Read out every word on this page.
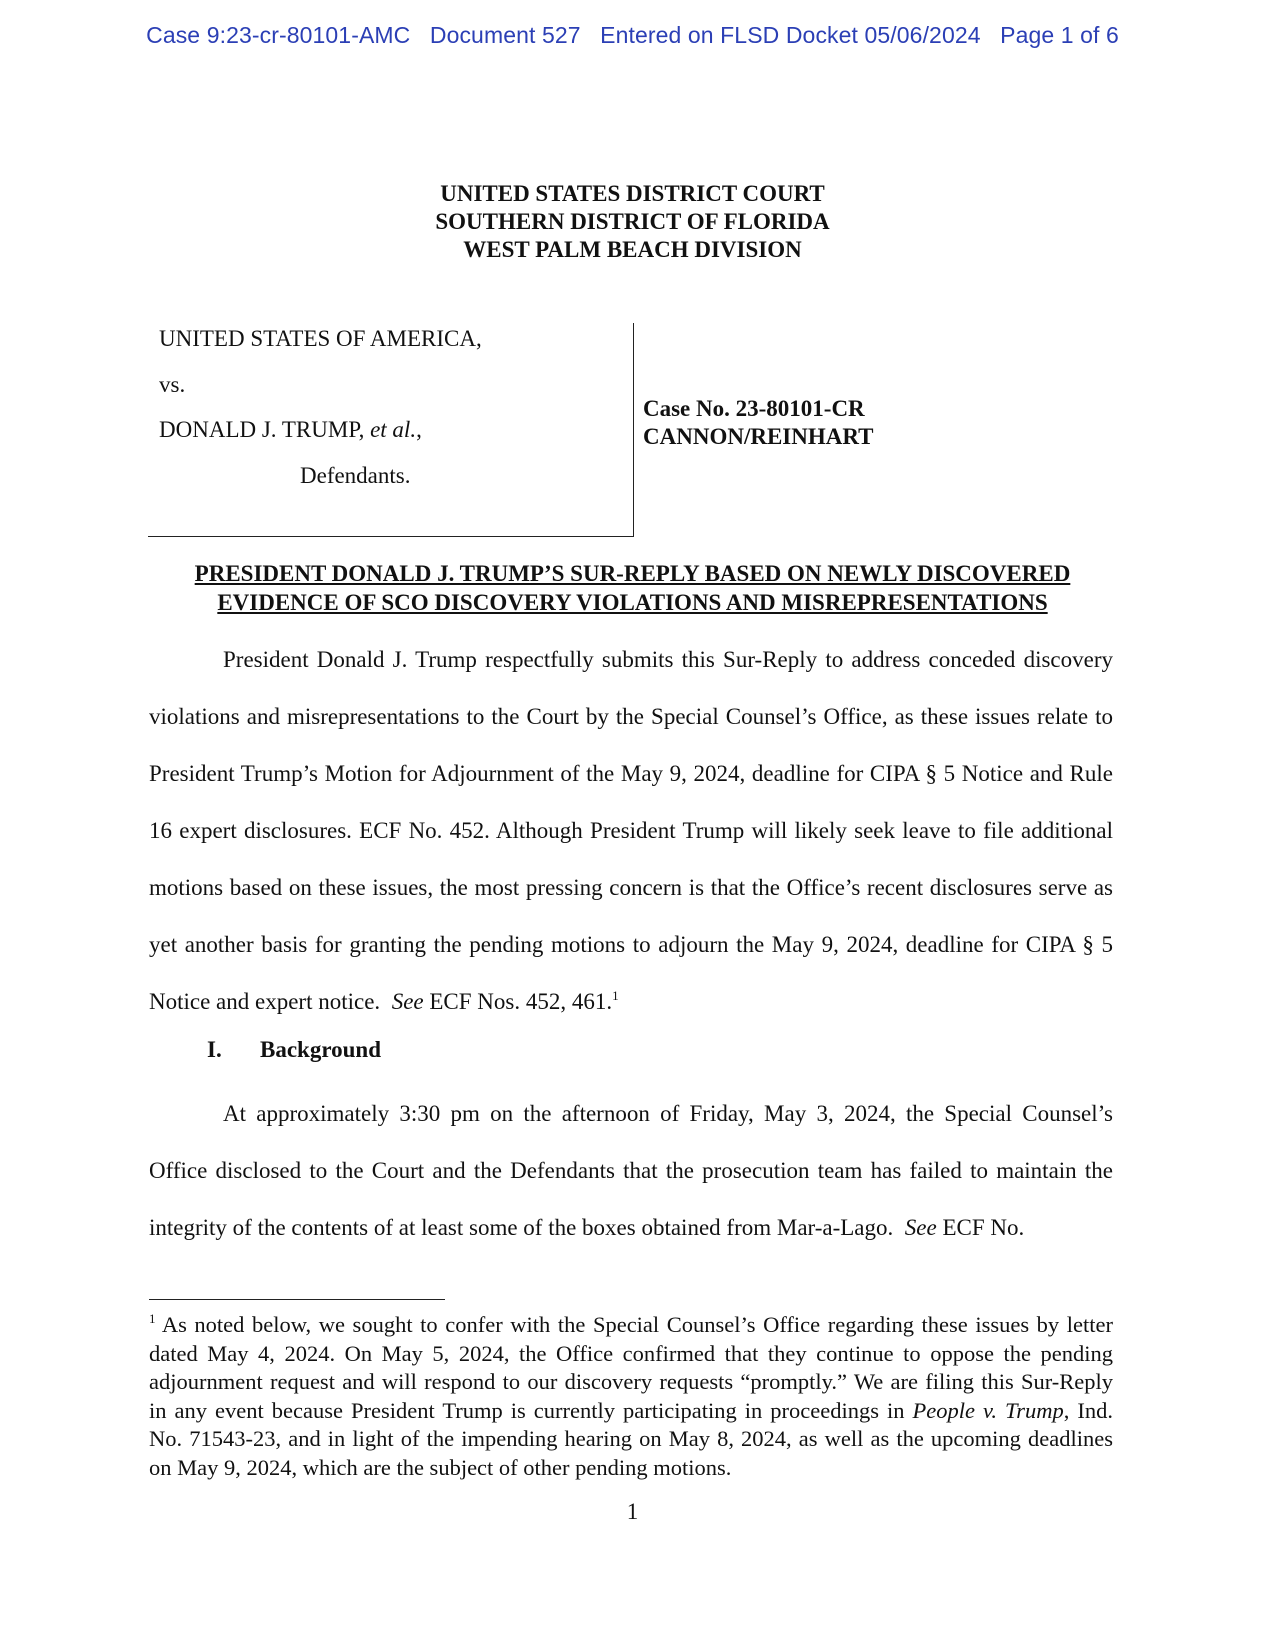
Case 9:23-cr-80101-AMC Document 527 Entered on FLSD Docket 05/06/2024 Page 1 of 6
UNITED STATES DISTRICT COURT
SOUTHERN DISTRICT OF FLORIDA
WEST PALM BEACH DIVISION
UNITED STATES OF AMERICA,
vs.
DONALD J. TRUMP, et al.,
Defendants.
Case No. 23-80101-CR
CANNON/REINHART
PRESIDENT DONALD J. TRUMP’S SUR-REPLY BASED ON NEWLY DISCOVERED
EVIDENCE OF SCO DISCOVERY VIOLATIONS AND MISREPRESENTATIONS

President Donald J. Trump respectfully submits this Sur-Reply to address conceded discovery violations and misrepresentations to the Court by the Special Counsel’s Office, as these issues relate to President Trump’s Motion for Adjournment of the May 9, 2024, deadline for CIPA § 5 Notice and Rule 16 expert disclosures. ECF No. 452. Although President Trump will likely seek leave to file additional motions based on these issues, the most pressing concern is that the Office’s recent disclosures serve as yet another basis for granting the pending motions to adjourn the May 9, 2024, deadline for CIPA § 5 Notice and expert notice. See ECF Nos. 452, 461.$^1$

I. Background

At approximately 3:30 pm on the afternoon of Friday, May 3, 2024, the Special Counsel’s Office disclosed to the Court and the Defendants that the prosecution team has failed to maintain the integrity of the contents of at least some of the boxes obtained from Mar-a-Lago. See ECF No.

$^1$ As noted below, we sought to confer with the Special Counsel’s Office regarding these issues by letter dated May 4, 2024. On May 5, 2024, the Office confirmed that they continue to oppose the pending adjournment request and will respond to our discovery requests “promptly.” We are filing this Sur-Reply in any event because President Trump is currently participating in proceedings in People v. Trump, Ind. No. 71543-23, and in light of the impending hearing on May 8, 2024, as well as the upcoming deadlines on May 9, 2024, which are the subject of other pending motions.
1
